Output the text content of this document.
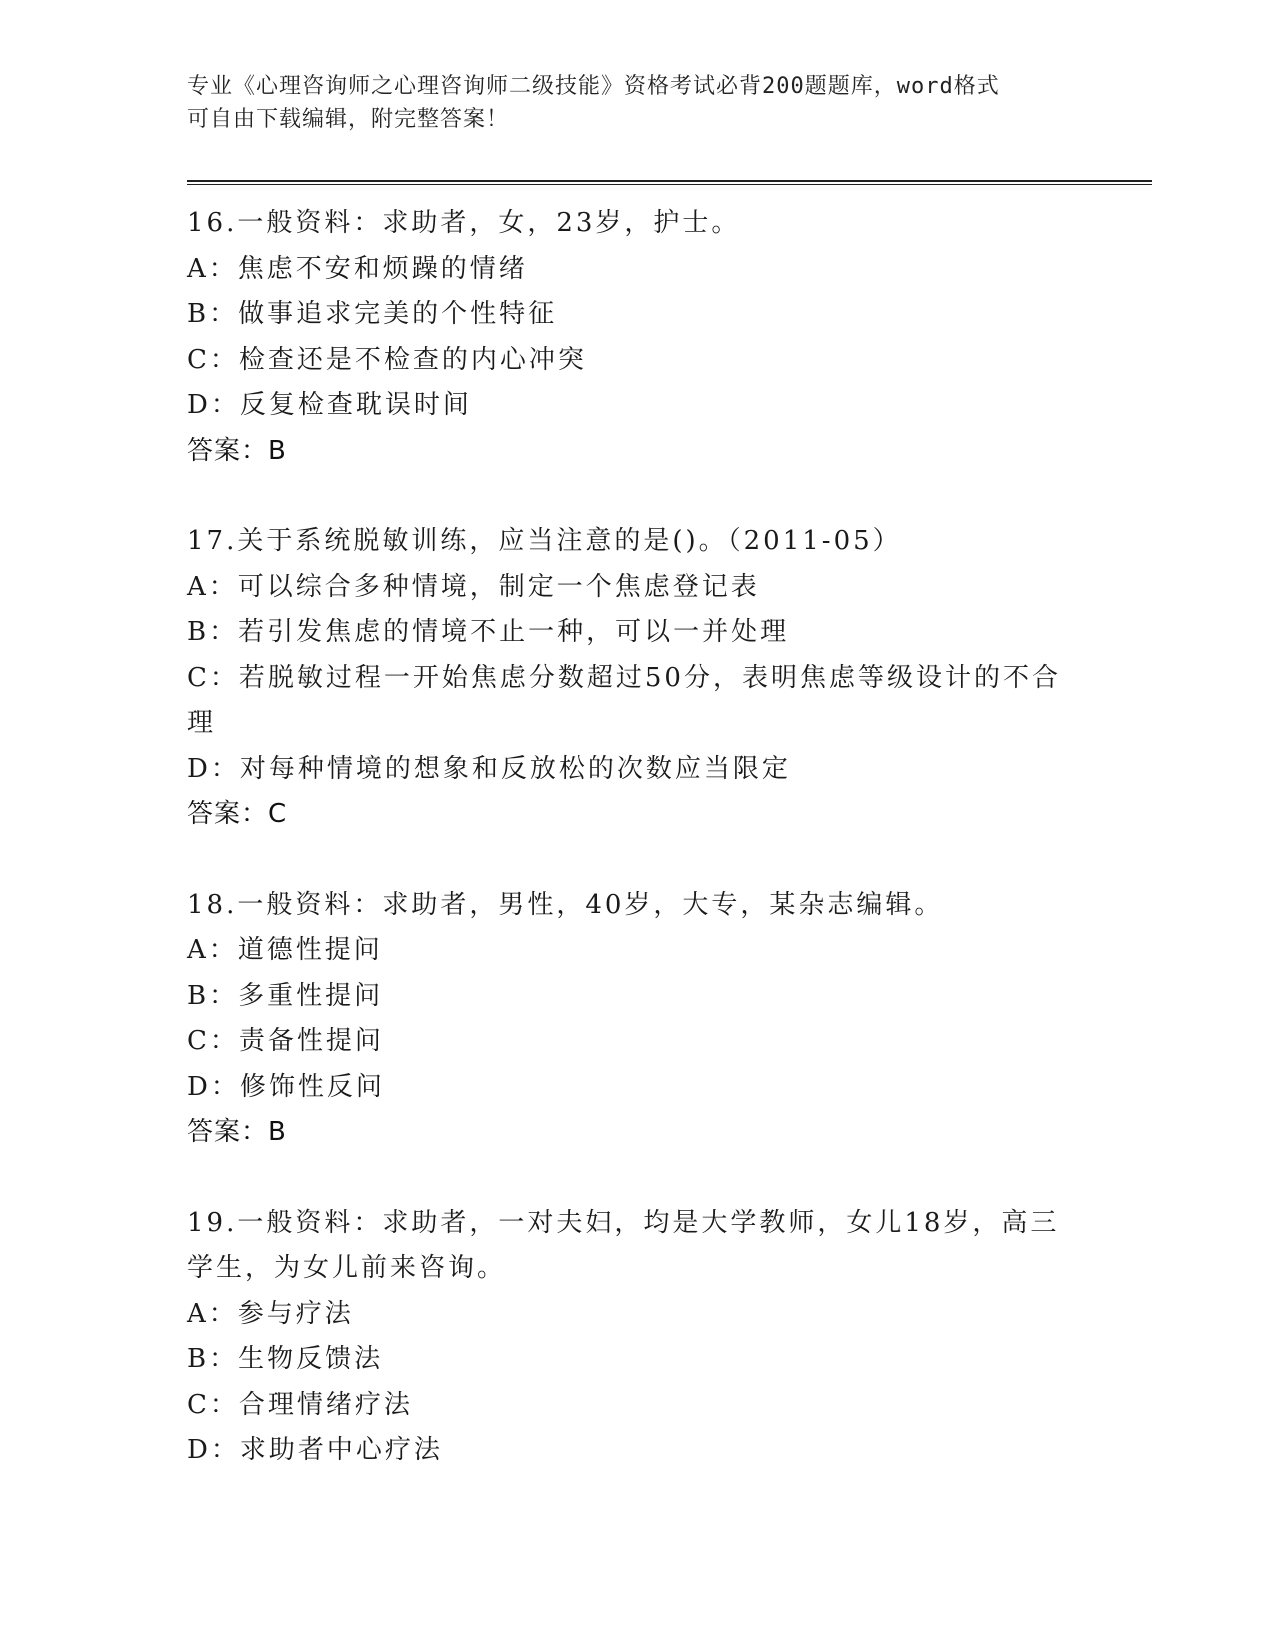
专业《心理咨询师之心理咨询师二级技能》资格考试必背200题题库，word格式

可自由下载编辑，附完整答案！

16.一般资料：求助者，女，23岁，护士。

A：焦虑不安和烦躁的情绪

B：做事追求完美的个性特征

C：检查还是不检查的内心冲突

D：反复检查耽误时间

答案：B

17.关于系统脱敏训练，应当注意的是()。（2011-05）

A：可以综合多种情境，制定一个焦虑登记表

B：若引发焦虑的情境不止一种，可以一并处理

C：若脱敏过程一开始焦虑分数超过50分，表明焦虑等级设计的不合

理

D：对每种情境的想象和反放松的次数应当限定

答案：C

18.一般资料：求助者，男性，40岁，大专，某杂志编辑。

A：道德性提问

B：多重性提问

C：责备性提问

D：修饰性反问

答案：B

19.一般资料：求助者，一对夫妇，均是大学教师，女儿18岁，高三

学生，为女儿前来咨询。

A：参与疗法

B：生物反馈法

C：合理情绪疗法

D：求助者中心疗法
